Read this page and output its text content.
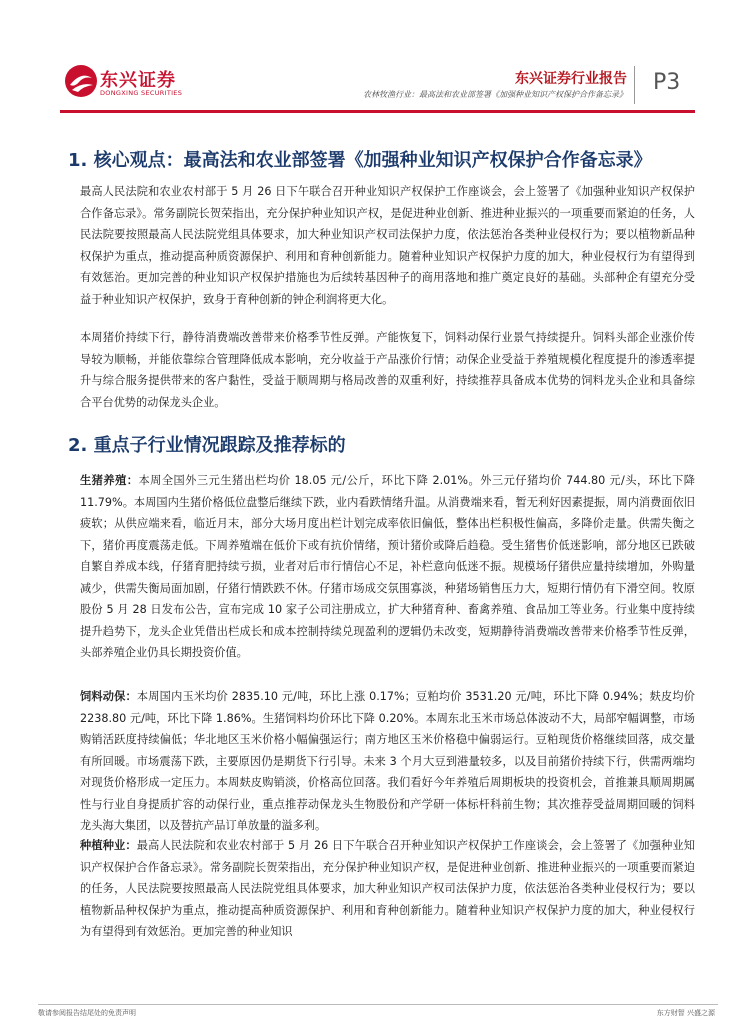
东兴证券
DONGXING SECURITIES
东兴证券行业报告
农林牧渔行业：最高法和农业部签署《加强种业知识产权保护合作备忘录》 P3
1. 核心观点：最高法和农业部签署《加强种业知识产权保护合作备忘录》

最高人民法院和农业农村部于 5 月 26 日下午联合召开种业知识产权保护工作座谈会，会上签署了《加强种业知识产权保护合作备忘录》。常务副院长贺荣指出，充分保护种业知识产权，是促进种业创新、推进种业振兴的一项重要而紧迫的任务，人民法院要按照最高人民法院党组具体要求，加大种业知识产权司法保护力度，依法惩治各类种业侵权行为；要以植物新品种权保护为重点，推动提高种质资源保护、利用和育种创新能力。随着种业知识产权保护力度的加大，种业侵权行为有望得到有效惩治。更加完善的种业知识产权保护措施也为后续转基因种子的商用落地和推广奠定良好的基础。头部种企有望充分受益于种业知识产权保护，致身于育种创新的钟企利润将更大化。

本周猪价持续下行，静待消费端改善带来价格季节性反弹。产能恢复下，饲料动保行业景气持续提升。饲料头部企业涨价传导较为顺畅，并能依靠综合管理降低成本影响，充分收益于产品涨价行情；动保企业受益于养殖规模化程度提升的渗透率提升与综合服务提供带来的客户黏性，受益于顺周期与格局改善的双重利好，持续推荐具备成本优势的饲料龙头企业和具备综合平台优势的动保龙头企业。

2. 重点子行业情况跟踪及推荐标的

生猪养殖：本周全国外三元生猪出栏均价 18.05 元/公斤，环比下降 2.01%。外三元仔猪均价 744.80 元/头，环比下降 11.79%。本周国内生猪价格低位盘整后继续下跌，业内看跌情绪升温。从消费端来看，暂无利好因素提振，周内消费面依旧疲软；从供应端来看，临近月末，部分大场月度出栏计划完成率依旧偏低，整体出栏积极性偏高，多降价走量。供需失衡之下，猪价再度震荡走低。下周养殖端在低价下或有抗价情绪，预计猪价或降后趋稳。受生猪售价低迷影响，部分地区已跌破自繁自养成本线，仔猪育肥持续亏损，业者对后市行情信心不足，补栏意向低迷不振。规模场仔猪供应量持续增加，外购量减少，供需失衡局面加剧，仔猪行情跌跌不休。仔猪市场成交氛围寡淡，种猪场销售压力大，短期行情仍有下滑空间。牧原股份 5 月 28 日发布公告，宣布完成 10 家子公司注册成立，扩大种猪育种、畜禽养殖、食品加工等业务。行业集中度持续提升趋势下，龙头企业凭借出栏成长和成本控制持续兑现盈利的逻辑仍未改变，短期静待消费端改善带来价格季节性反弹，头部养殖企业仍具长期投资价值。

饲料动保：本周国内玉米均价 2835.10 元/吨，环比上涨 0.17%；豆粕均价 3531.20 元/吨，环比下降 0.94%；麸皮均价 2238.80 元/吨，环比下降 1.86%。生猪饲料均价环比下降 0.20%。本周东北玉米市场总体波动不大，局部窄幅调整，市场购销活跃度持续偏低；华北地区玉米价格小幅偏强运行；南方地区玉米价格稳中偏弱运行。豆粕现货价格继续回落，成交量有所回暖。市场震荡下跌，主要原因仍是期货下行引导。未来 3 个月大豆到港量较多，以及目前猪价持续下行，供需两端均对现货价格形成一定压力。本周麸皮购销淡，价格高位回落。我们看好今年养殖后周期板块的投资机会，首推兼具顺周期属性与行业自身提质扩容的动保行业，重点推荐动保龙头生物股份和产学研一体标杆科前生物；其次推荐受益周期回暖的饲料龙头海大集团，以及替抗产品订单放量的溢多利。

种植种业：最高人民法院和农业农村部于 5 月 26 日下午联合召开种业知识产权保护工作座谈会，会上签署了《加强种业知识产权保护合作备忘录》。常务副院长贺荣指出，充分保护种业知识产权，是促进种业创新、推进种业振兴的一项重要而紧迫的任务，人民法院要按照最高人民法院党组具体要求，加大种业知识产权司法保护力度，依法惩治各类种业侵权行为；要以植物新品种权保护为重点，推动提高种质资源保护、利用和育种创新能力。随着种业知识产权保护力度的加大，种业侵权行为有望得到有效惩治。更加完善的种业知识

敬请参阅报告结尾处的免责声明	东方财智 兴盛之源
